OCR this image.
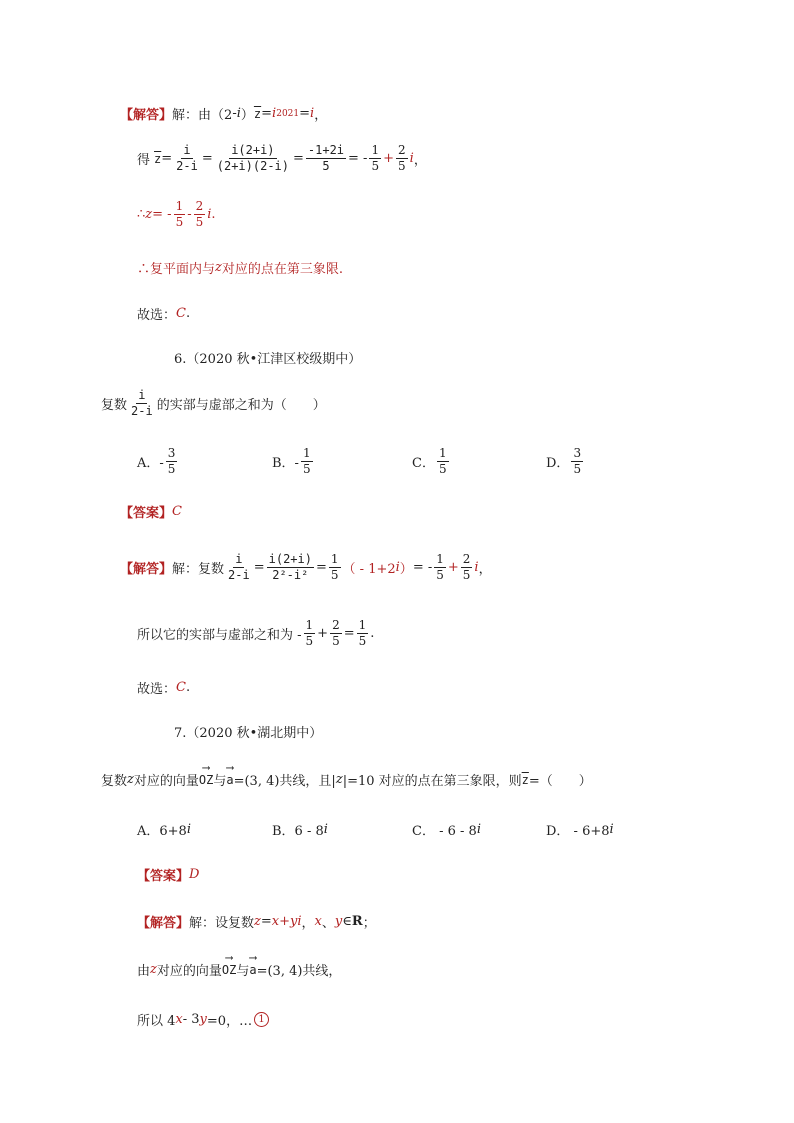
【解答】 解： 由（2 - i ） $\overline{z} = i$ 2021 = i ，
得 $\overline{z} = \frac{i}{2-i} = \frac{i(2+i)}{(2+i)(2-i)} = \frac{-1+2i}{5}$ = - $\frac{1}{5} + \frac{2}{5}$ i ，
∴ z = - $\frac{1}{5} - \frac{2}{5}$ i .
∴复平面内与 z 对应的点在第三象限.
故选： C .
6.（2020 秋•江津区校级期中）
复数 $\frac{i}{2-i}$ 的实部与虚部之和为（　　）
A．- $\frac{3}{5}$	B．- $\frac{1}{5}$	C． $\frac{1}{5}$	D． $\frac{3}{5}$
【答案】 C
【解答】 解：复数 $\frac{i}{2-i} = \frac{i(2+i)}{\text{2²-i²}} = \frac{1}{5}$ （ - 1+2 i ） = - $\frac{1}{5} + \frac{2}{5}$ i ，
所以它的实部与虚部之和为 - $\frac{1}{5} + \frac{2}{5} = \frac{1}{5}$ .
故选： C .
7.（2020 秋•湖北期中）
复数 z 对应的向量 ⟶ OZ 与 ⟶ a =(3, 4)共线，且| z |=10 对应的点在第三象限，则 $\overline{z}$ =（　　）
A．6+8 i	B．6 - 8 i	C． - 6 - 8 i	D． - 6+8 i
【答案】 D
【解答】 解：设复数 z = x+yi ， x 、 y ∈ R ；
由 z 对应的向量 ⟶ OZ 与 ⟶ a =(3, 4)共线，
所以 4 x - 3 y =0，… 1
